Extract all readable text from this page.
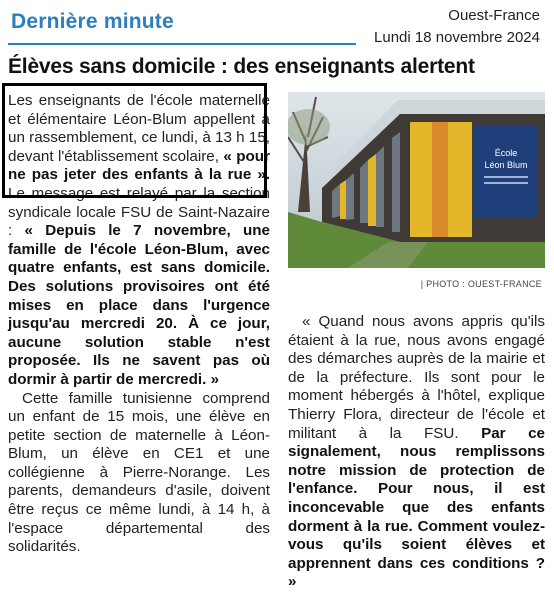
Dernière minute	Ouest-France
Lundi 18 novembre 2024
Élèves sans domicile : des enseignants alertent

Les enseignants de l'école maternelle et élémentaire Léon-Blum appellent à un rassemblement, ce lundi, à 13 h 15, devant l'établissement scolaire, « pour ne pas jeter des enfants à la rue ». Le message est relayé par la section syndicale locale FSU de Saint-Nazaire : « Depuis le 7 novembre, une famille de l'école Léon-Blum, avec quatre enfants, est sans domicile. Des solutions provisoires ont été mises en place dans l'urgence jusqu'au mercredi 20. À ce jour, aucune solution stable n'est proposée. Ils ne savent pas où dormir à partir de mercredi. »

Cette famille tunisienne comprend un enfant de 15 mois, une élève en petite section de maternelle à Léon-Blum, un élève en CE1 et une collégienne à Pierre-Norange. Les parents, demandeurs d'asile, doivent être reçus ce même lundi, à 14 h, à l'espace départemental des solidarités.

École
Léon Blum
| PHOTO : OUEST-FRANCE

« Quand nous avons appris qu'ils étaient à la rue, nous avons engagé des démarches auprès de la mairie et de la préfecture. Ils sont pour le moment hébergés à l'hôtel, explique Thierry Flora, directeur de l'école et militant à la FSU. Par ce signalement, nous remplissons notre mission de protection de l'enfance. Pour nous, il est inconcevable que des enfants dorment à la rue. Comment voulez-vous qu'ils soient élèves et apprennent dans ces conditions ? »
